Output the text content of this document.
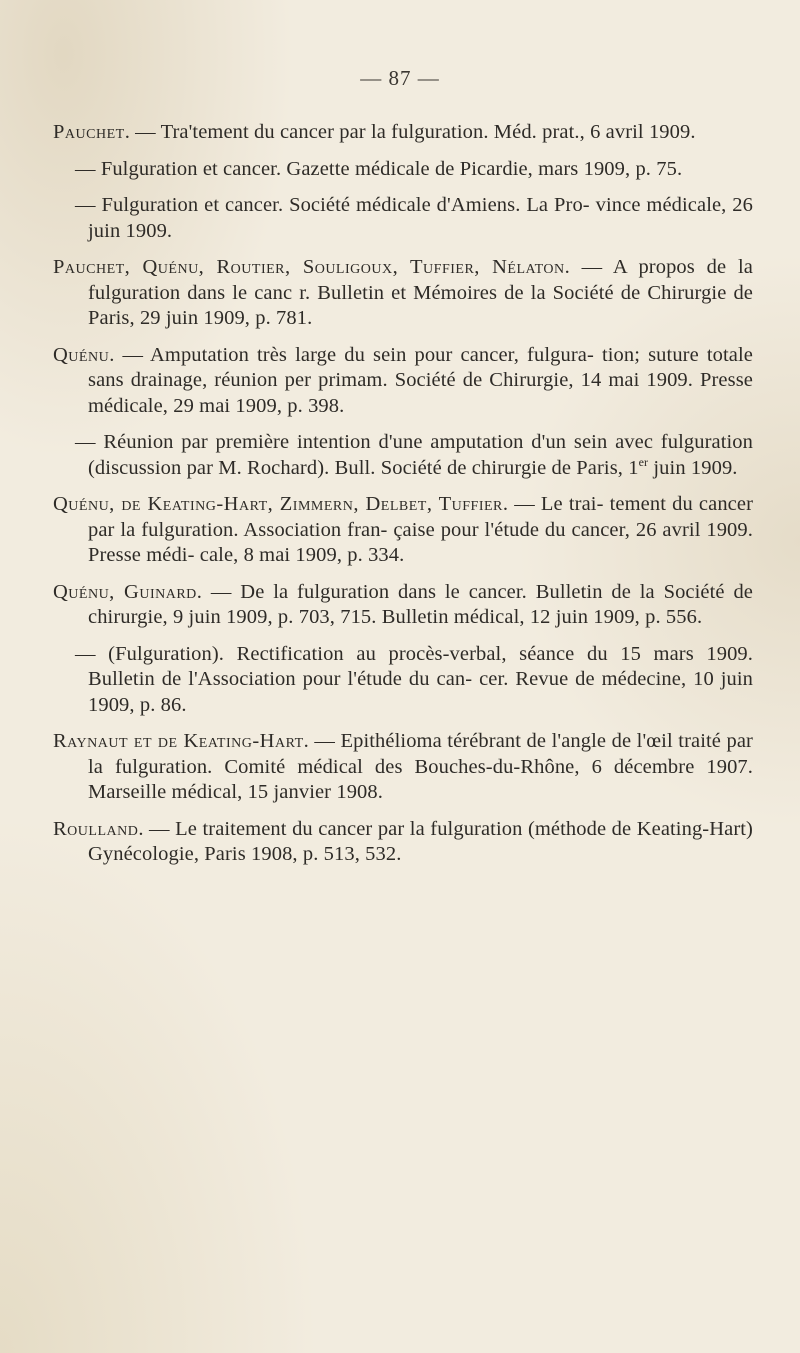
— 87 —

Pauchet. — Tra'tement du cancer par la fulguration. Méd. prat., 6 avril 1909.

— Fulguration et cancer. Gazette médicale de Picardie, mars 1909, p. 75.

— Fulguration et cancer. Société médicale d'Amiens. La Pro- vince médicale, 26 juin 1909.

Pauchet, Quénu, Routier, Souligoux, Tuffier, Nélaton. — A propos de la fulguration dans le canc r. Bulletin et Mémoires de la Société de Chirurgie de Paris, 29 juin 1909, p. 781.

Quénu. — Amputation très large du sein pour cancer, fulgura- tion; suture totale sans drainage, réunion per primam. Société de Chirurgie, 14 mai 1909. Presse médicale, 29 mai 1909, p. 398.

— Réunion par première intention d'une amputation d'un sein avec fulguration (discussion par M. Rochard). Bull. Société de chirurgie de Paris, 1er juin 1909.

Quénu, de Keating-Hart, Zimmern, Delbet, Tuffier. — Le trai- tement du cancer par la fulguration. Association fran- çaise pour l'étude du cancer, 26 avril 1909. Presse médi- cale, 8 mai 1909, p. 334.

Quénu, Guinard. — De la fulguration dans le cancer. Bulletin de la Société de chirurgie, 9 juin 1909, p. 703, 715. Bulletin médical, 12 juin 1909, p. 556.

— (Fulguration). Rectification au procès-verbal, séance du 15 mars 1909. Bulletin de l'Association pour l'étude du can- cer. Revue de médecine, 10 juin 1909, p. 86.

Raynaut et de Keating-Hart. — Epithélioma térébrant de l'angle de l'œil traité par la fulguration. Comité médical des Bouches-du-Rhône, 6 décembre 1907. Marseille médical, 15 janvier 1908.

Roulland. — Le traitement du cancer par la fulguration (méthode de Keating-Hart) Gynécologie, Paris 1908, p. 513, 532.
